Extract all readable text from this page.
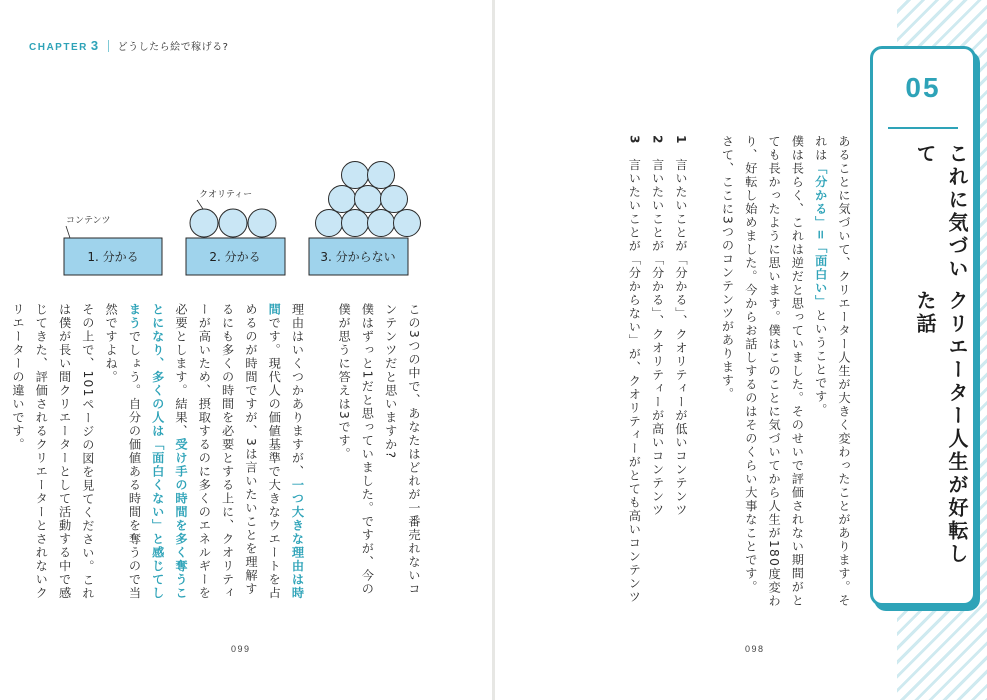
CHAPTER 3 どうしたら絵で稼げる?
コンテンツ
クオリティー
1. 分かる	2. 分かる	3. 分からない

この3つの中で、あなたはどれが一番売れないコンテンツだと思いますか?

僕はずっと1だと思っていました。ですが、今の僕が思うに答えは3です。

理由はいくつかありますが、一つ大きな理由は時間です。現代人の価値基準で大きなウエートを占めるのが時間ですが、3は言いたいことを理解するにも多くの時間を必要とする上に、クオリティーが高いため、摂取するのに多くのエネルギーを必要とします。結果、受け手の時間を多く奪うことになり、多くの人は「面白くない」と感じてしまうでしょう。自分の価値ある時間を奪うので当然ですよね。

その上で、101ページの図を見てください。これは僕が長い間クリエーターとして活動する中で感じてきた、評価されるクリエーターとされないクリエーターの違いです。

099

あることに気づいて、クリエーター人生が大きく変わったことがあります。それは「分かる」=「面白い」ということです。

僕は長らく、これは逆だと思っていました。そのせいで評価されない期間がとても長かったように思います。僕はこのことに気づいてから人生が180度変わり、好転し始めました。今からお話しするのはそのくらい大事なことです。

さて、ここに3つのコンテンツがあります。

1　言いたいことが「分かる」、クオリティーが低いコンテンツ

2　言いたいことが「分かる」、クオリティーが高いコンテンツ

3　言いたいことが「分からない」が、クオリティーがとても高いコンテンツ

05
これに気づいて
クリエーター人生が好転した話
098
